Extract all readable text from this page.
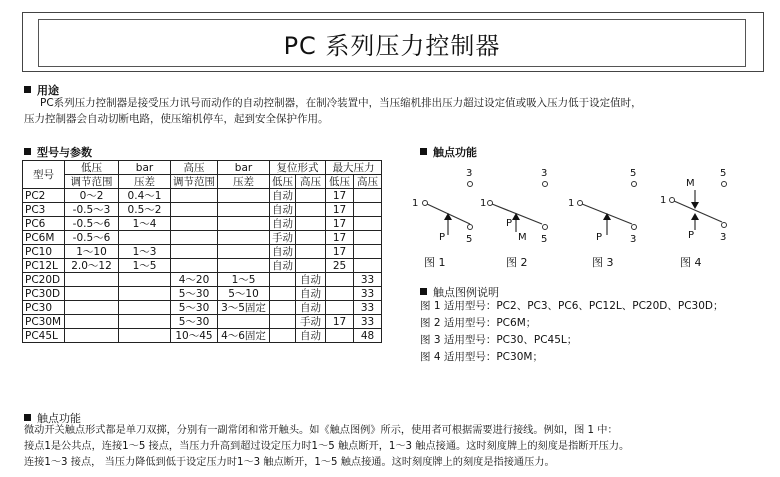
PC 系列压力控制器
用途
PC系列压力控制器是接受压力讯号而动作的自动控制器，在制冷装置中，当压缩机排出压力超过设定值或吸入压力低于设定值时，
压力控制器会自动切断电路，使压缩机停车，起到安全保护作用。
型号与参数
型号	低压	bar	高压	bar	复位形式		最大压力	
	调节范围	压差	调节范围	压差	低压	高压	低压	高压
PC2	0～2	0.4～1			自动		17	
PC3	-0.5～3	0.5～2			自动		17	
PC6	-0.5～6	1～4			自动		17	
PC6M	-0.5～6				手动		17	
PC10	1～10	1～3			自动		17	
PC12L	2.0～12	1～5			自动		25	
PC20D			4～20	1～5		自动		33
PC30D			5～30	5～10		自动		33
PC30			5～30	3～5固定		自动		33
PC30M			5～30			手动	17	33
PC45L			10～45	4～6固定		自动		48
触点功能
3
1
5
P
3
1
5
P
M
5
1
3
P
5
1
3
M
P
图 1	图 2	图 3	图 4
触点图例说明
图 1 适用型号：PC2、PC3、PC6、PC12L、PC20D、PC30D；
图 2 适用型号：PC6M；
图 3 适用型号：PC30、PC45L；
图 4 适用型号：PC30M；
触点功能
微动开关触点形式都是单刀双掷，分别有一副常闭和常开触头。如《触点图例》所示，使用者可根据需要进行接线。例如，图 1 中：
接点1是公共点，连接1～5 接点，当压力升高到超过设定压力时1～5 触点断开，1～3 触点接通。这时刻度牌上的刻度是指断开压力。
连接1～3 接点， 当压力降低到低于设定压力时1～3 触点断开，1～5 触点接通。这时刻度牌上的刻度是指接通压力。
